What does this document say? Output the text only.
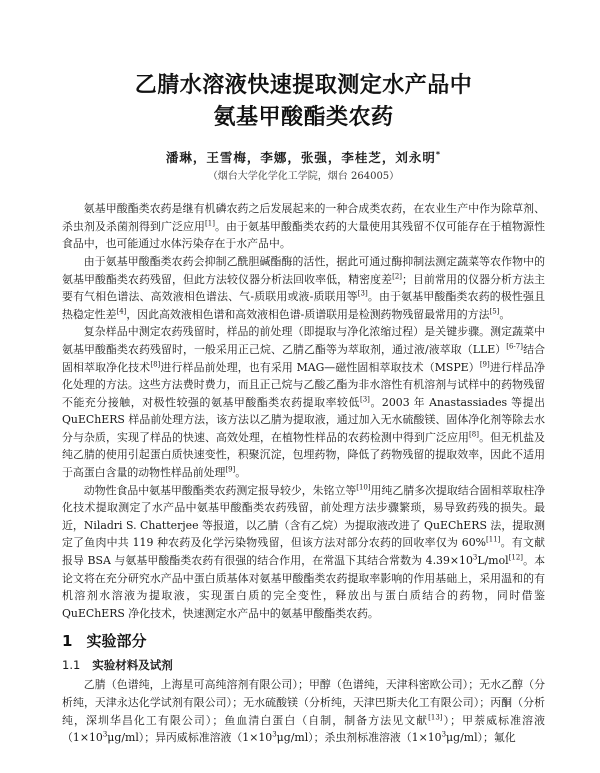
乙腈水溶液快速提取测定水产品中
氨基甲酸酯类农药
潘琳，王雪梅，李娜，张强，李桂芝，刘永明*
（烟台大学化学化工学院，烟台 264005）

氨基甲酸酯类农药是继有机磷农药之后发展起来的一种合成类农药，在农业生产中作为除草剂、杀虫剂及杀菌剂得到广泛应用[1]。由于氨基甲酸酯类农药的大量使用其残留不仅可能存在于植物源性食品中，也可能通过水体污染存在于水产品中。

由于氨基甲酸酯类农药会抑制乙酰胆碱酯酶的活性，据此可通过酶抑制法测定蔬菜等农作物中的氨基甲酸酯类农药残留，但此方法较仪器分析法回收率低，精密度差[2]；目前常用的仪器分析方法主要有气相色谱法、高效液相色谱法、气-质联用或液-质联用等[3]。由于氨基甲酸酯类农药的极性强且热稳定性差[4]，因此高效液相色谱和高效液相色谱-质谱联用是检测药物残留最常用的方法[5]。

复杂样品中测定农药残留时，样品的前处理（即提取与净化浓缩过程）是关键步骤。测定蔬菜中氨基甲酸酯类农药残留时，一般采用正己烷、乙腈乙酯等为萃取剂，通过液/液萃取（LLE）[6-7]结合固相萃取净化技术[8]进行样品前处理，也有采用 MAG—磁性固相萃取技术（MSPE）[9]进行样品净化处理的方法。这些方法费时费力，而且正己烷与乙酸乙酯为非水溶性有机溶剂与试样中的药物残留不能充分接触，对极性较强的氨基甲酸酯类农药提取率较低[3]。2003 年 Anastassiades 等提出 QuEChERS 样品前处理方法，该方法以乙腈为提取液，通过加入无水硫酸镁、固体净化剂等除去水分与杂质，实现了样品的快速、高效处理，在植物性样品的农药检测中得到广泛应用[8]。但无机盐及纯乙腈的使用引起蛋白质快速变性，积聚沉淀，包埋药物，降低了药物残留的提取效率，因此不适用于高蛋白含量的动物性样品前处理[9]。

动物性食品中氨基甲酸酯类农药测定报导较少，朱铭立等[10]用纯乙腈多次提取结合固相萃取柱净化技术提取测定了水产品中氨基甲酸酯类农药残留，前处理方法步骤繁琐，易导致药残的损失。最近，Niladri S. Chatterjee 等报道，以乙腈（含有乙烷）为提取液改进了 QuEChERS 法，提取测定了鱼肉中共 119 种农药及化学污染物残留，但该方法对部分农药的回收率仅为 60%[11]。有文献报导 BSA 与氨基甲酸酯类农药有很强的结合作用，在常温下其结合常数为 $4.39\times 10^3L/mol[12]$。本论文将在充分研究水产品中蛋白质基体对氨基甲酸酯类农药提取率影响的作用基础上，采用温和的有机溶剂水溶液为提取液，实现蛋白质的完全变性，释放出与蛋白质结合的药物，同时借鉴 QuEChERS 净化技术，快速测定水产品中的氨基甲酸酯类农药。

1 实验部分
1.1 实验材料及试剂

乙腈（色谱纯，上海星可高纯溶剂有限公司）；甲醇（色谱纯，天津科密欧公司）；无水乙醇（分析纯，天津永达化学试剂有限公司）；无水硫酸镁（分析纯，天津巴斯夫化工有限公司）；丙酮（分析纯，深圳华昌化工有限公司）；鱼血清白蛋白（自制，制备方法见文献[13]）；甲萘威标准溶液$(1\times 10^3\mu g/ml)$；异丙威标准溶液$(1\times 10^3\mu g/ml)$；杀虫剂标准溶液$(1\times 10^3\mu g/ml)$；氟化
